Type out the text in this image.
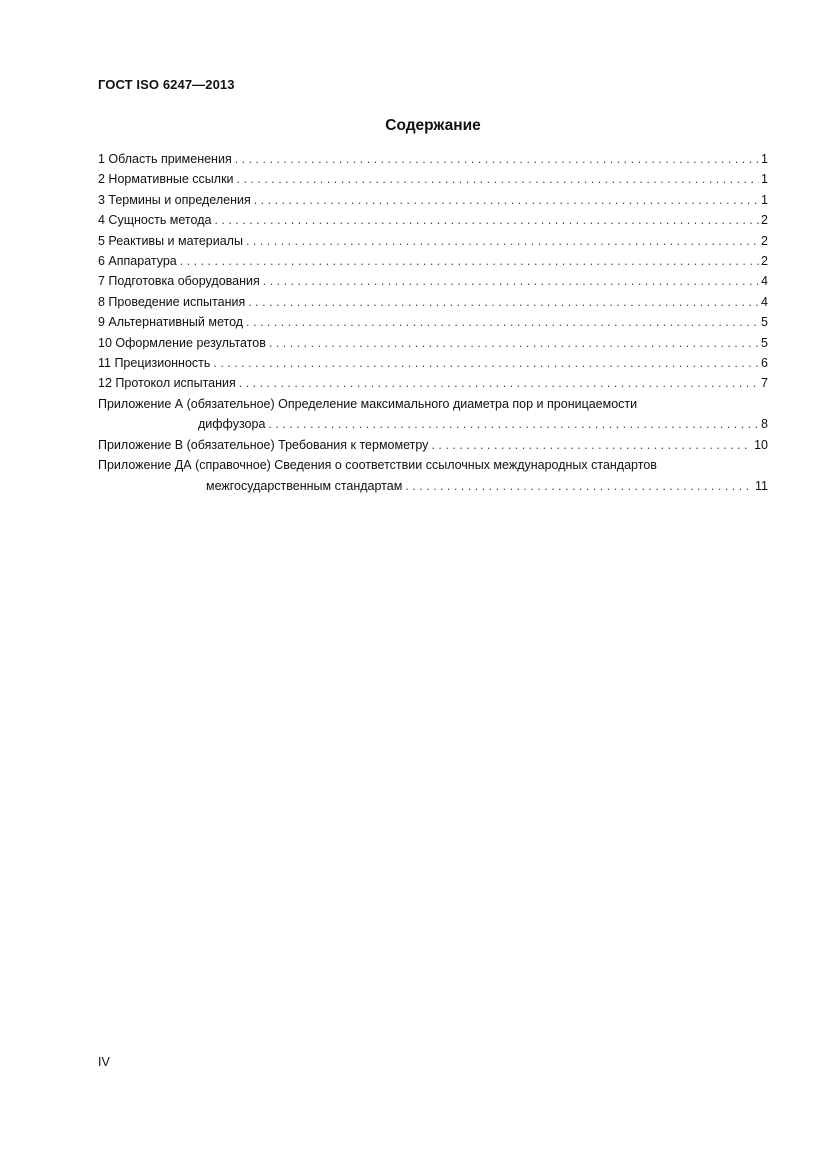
ГОСТ ISO 6247—2013
Содержание
1 Область применения . . .	1
2 Нормативные ссылки . . .	1
3 Термины и определения . . .	1
4 Сущность метода . . .	2
5 Реактивы и материалы . . .	2
6 Аппаратура . . .	2
7 Подготовка оборудования . . .	4
8 Проведение испытания . . .	4
9 Альтернативный метод . . .	5
10 Оформление результатов . . .	5
11 Прецизионность . . .	6
12 Протокол испытания . . .	7
Приложение А (обязательное) Определение максимального диаметра пор и проницаемости
диффузора . . .	8
Приложение В (обязательное) Требования к термометру . . .	10
Приложение ДА (справочное) Сведения о соответствии ссылочных международных стандартов
межгосударственным стандартам . . .	11
IV
